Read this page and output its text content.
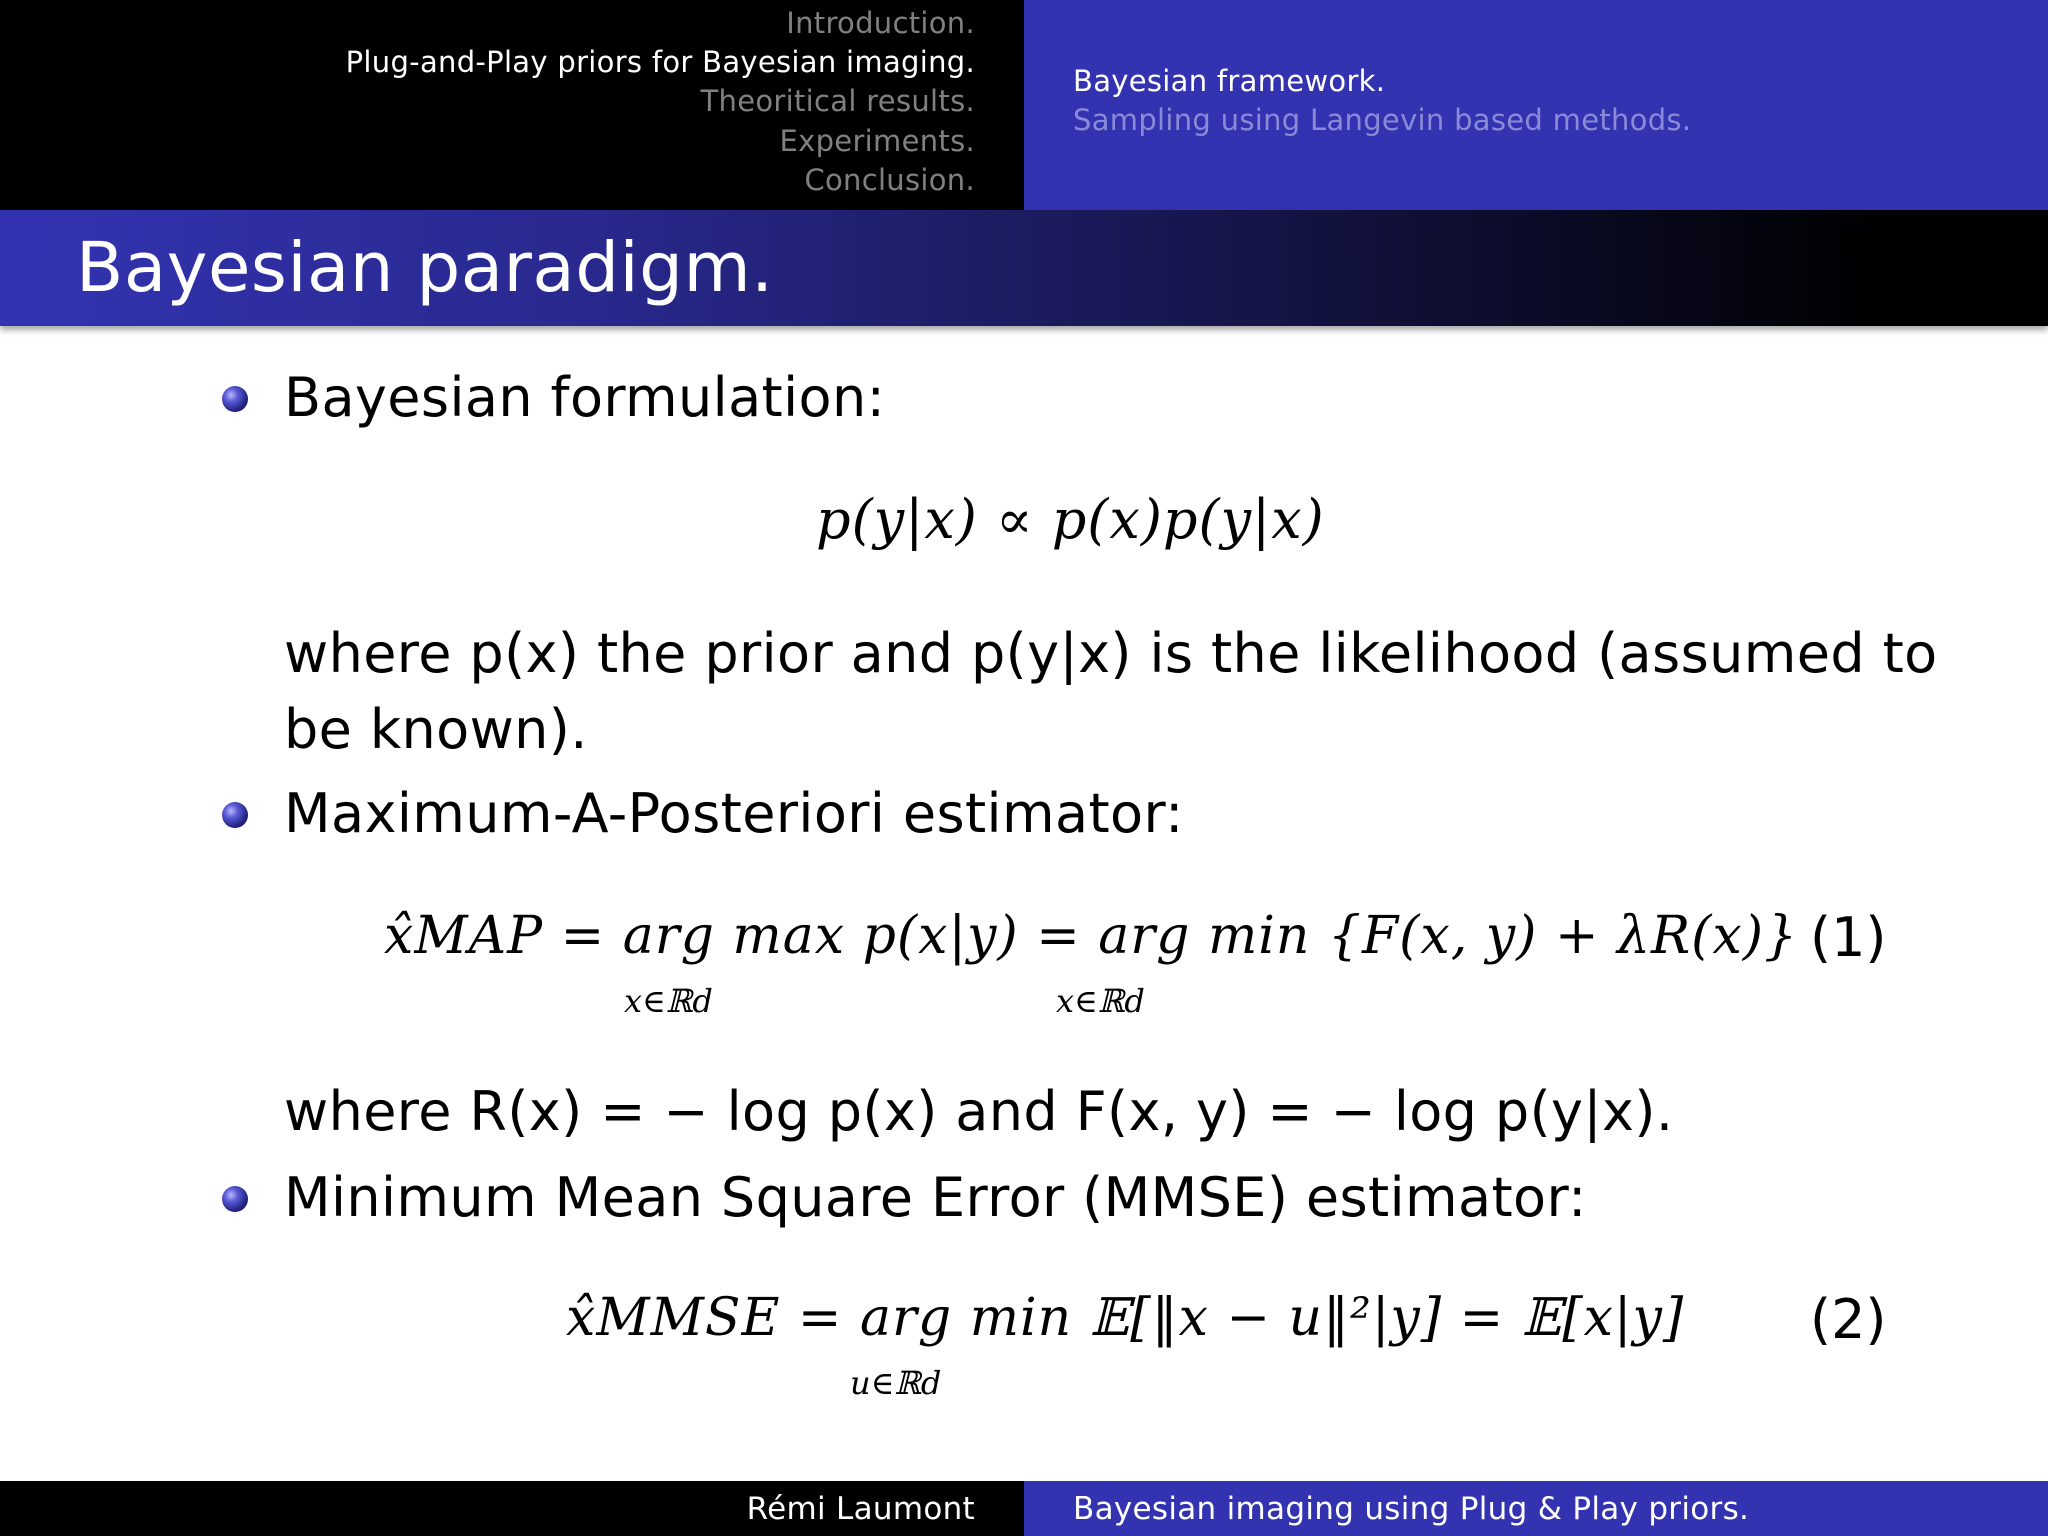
Introduction.
Plug-and-Play priors for Bayesian imaging.
Theoritical results.
Experiments.
Conclusion.
Bayesian framework.
Sampling using Langevin based methods.
Bayesian paradigm.
Bayesian formulation:
p(y|x) ∝ p(x)p(y|x)
where p(x) the prior and p(y|x) is the likelihood (assumed to
be known).
Maximum-A-Posteriori estimator:
x̂MAP = arg max p(x|y) = arg min {F(x, y) + λR(x)}
x∈ℝd	x∈ℝd
(1)
where R(x) = − log p(x) and F(x, y) = − log p(y|x).
Minimum Mean Square Error (MMSE) estimator:
x̂MMSE = arg min 𝔼[‖x − u‖²|y] = 𝔼[x|y]
u∈ℝd
(2)
Rémi Laumont	Bayesian imaging using Plug & Play priors.
